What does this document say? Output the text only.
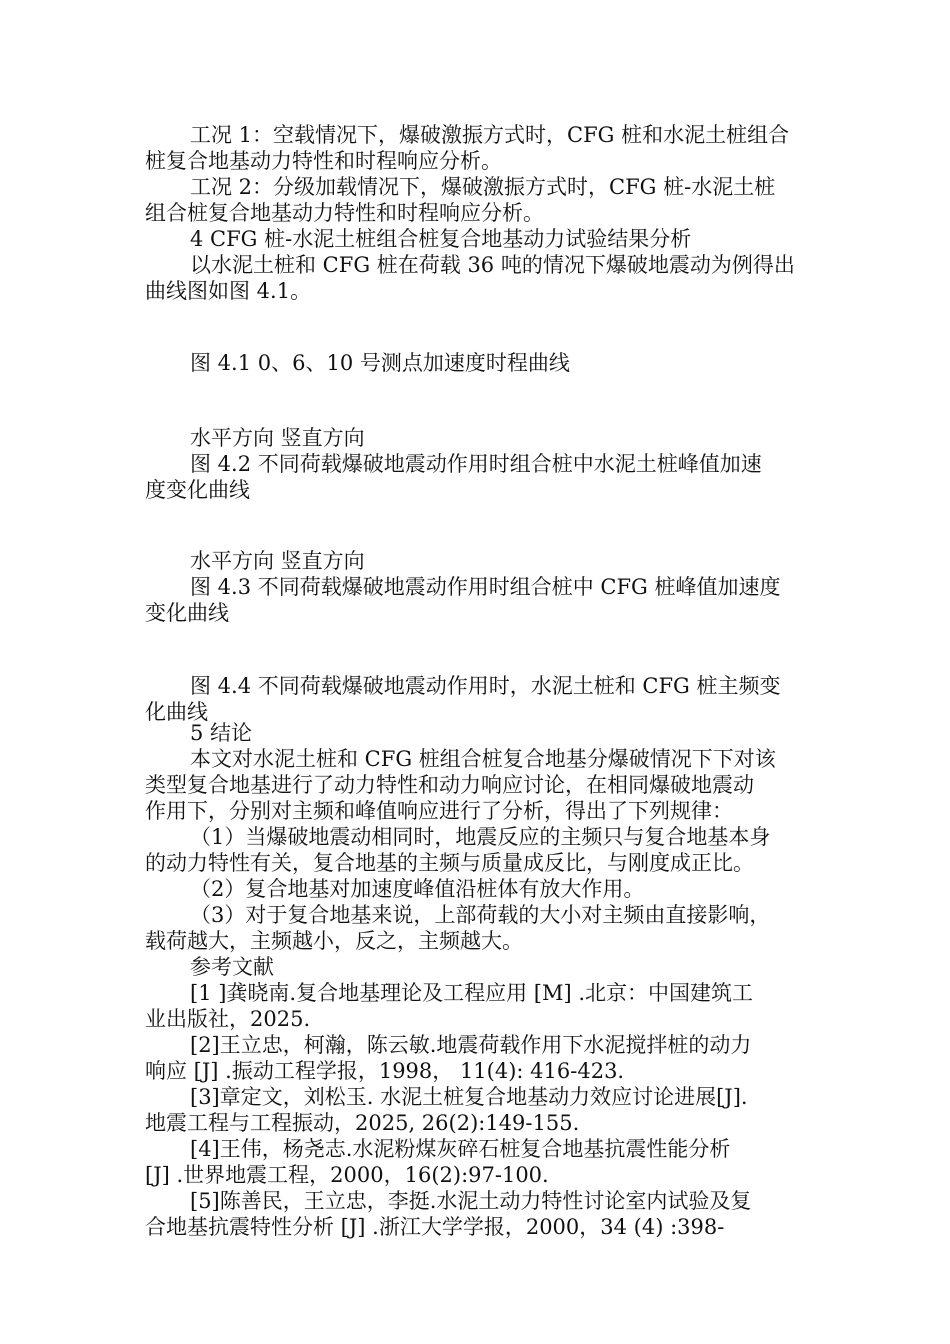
工况 1：空载情况下，爆破激振方式时，CFG 桩和水泥土桩组合
桩复合地基动力特性和时程响应分析。
工况 2：分级加载情况下，爆破激振方式时，CFG 桩-水泥土桩
组合桩复合地基动力特性和时程响应分析。
4 CFG 桩-水泥土桩组合桩复合地基动力试验结果分析
以水泥土桩和 CFG 桩在荷载 36 吨的情况下爆破地震动为例得出
曲线图如图 4.1。
图 4.1 0、6、10 号测点加速度时程曲线
水平方向 竖直方向
图 4.2 不同荷载爆破地震动作用时组合桩中水泥土桩峰值加速
度变化曲线
水平方向 竖直方向
图 4.3 不同荷载爆破地震动作用时组合桩中 CFG 桩峰值加速度
变化曲线
图 4.4 不同荷载爆破地震动作用时，水泥土桩和 CFG 桩主频变
化曲线
5 结论
本文对水泥土桩和 CFG 桩组合桩复合地基分爆破情况下下对该
类型复合地基进行了动力特性和动力响应讨论，在相同爆破地震动
作用下，分别对主频和峰值响应进行了分析，得出了下列规律：
（1）当爆破地震动相同时，地震反应的主频只与复合地基本身
的动力特性有关，复合地基的主频与质量成反比，与刚度成正比。
（2）复合地基对加速度峰值沿桩体有放大作用。
（3）对于复合地基来说，上部荷载的大小对主频由直接影响，
载荷越大，主频越小，反之，主频越大。
参考文献
[1 ]龚晓南.复合地基理论及工程应用 [M] .北京：中国建筑工
业出版社，2025.
[2]王立忠，柯瀚，陈云敏.地震荷载作用下水泥搅拌桩的动力
响应 [J] .振动工程学报，1998， 11(4): 416-423.
[3]章定文，刘松玉. 水泥土桩复合地基动力效应讨论进展[J].
地震工程与工程振动，2025, 26(2):149-155.
[4]王伟，杨尧志.水泥粉煤灰碎石桩复合地基抗震性能分析
[J] .世界地震工程，2000，16(2):97-100.
[5]陈善民，王立忠，李挺.水泥土动力特性讨论室内试验及复
合地基抗震特性分析 [J] .浙江大学学报，2000，34 (4) :398-
